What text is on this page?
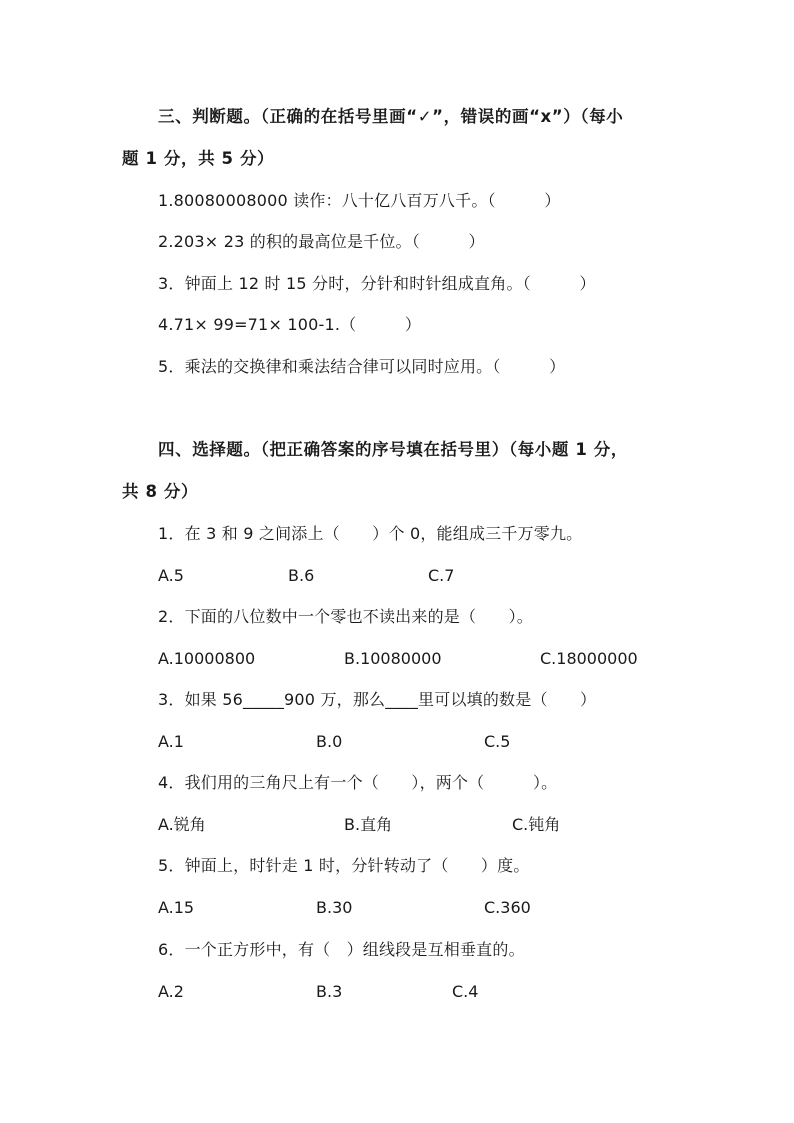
三、判断题。（正确的在括号里画“✓”，错误的画“x”）（每小
题 1 分，共 5 分）
1.80080008000 读作：八十亿八百万八千。（　　　）
2.203× 23 的积的最高位是千位。（　　　）
3．钟面上 12 时 15 分时，分针和时针组成直角。（　　　）
4.71× 99=71× 100-1.（　　　）
5．乘法的交换律和乘法结合律可以同时应用。（　　　）
四、选择题。（把正确答案的序号填在括号里）（每小题 1 分，
共 8 分）
1．在 3 和 9 之间添上（　　）个 0，能组成三千万零九。
A.5	B.6	C.7
2．下面的八位数中一个零也不读出来的是（　　）。
A.10000800	B.10080000	C.18000000
3．如果 56_____900 万，那么____里可以填的数是（　　）
A.1	B.0	C.5
4．我们用的三角尺上有一个（　　），两个（　　　）。
A.锐角	B.直角	C.钝角
5．钟面上，时针走 1 时，分针转动了（　　）度。
A.15	B.30	C.360
6．一个正方形中，有（　）组线段是互相垂直的。
A.2	B.3	C.4
